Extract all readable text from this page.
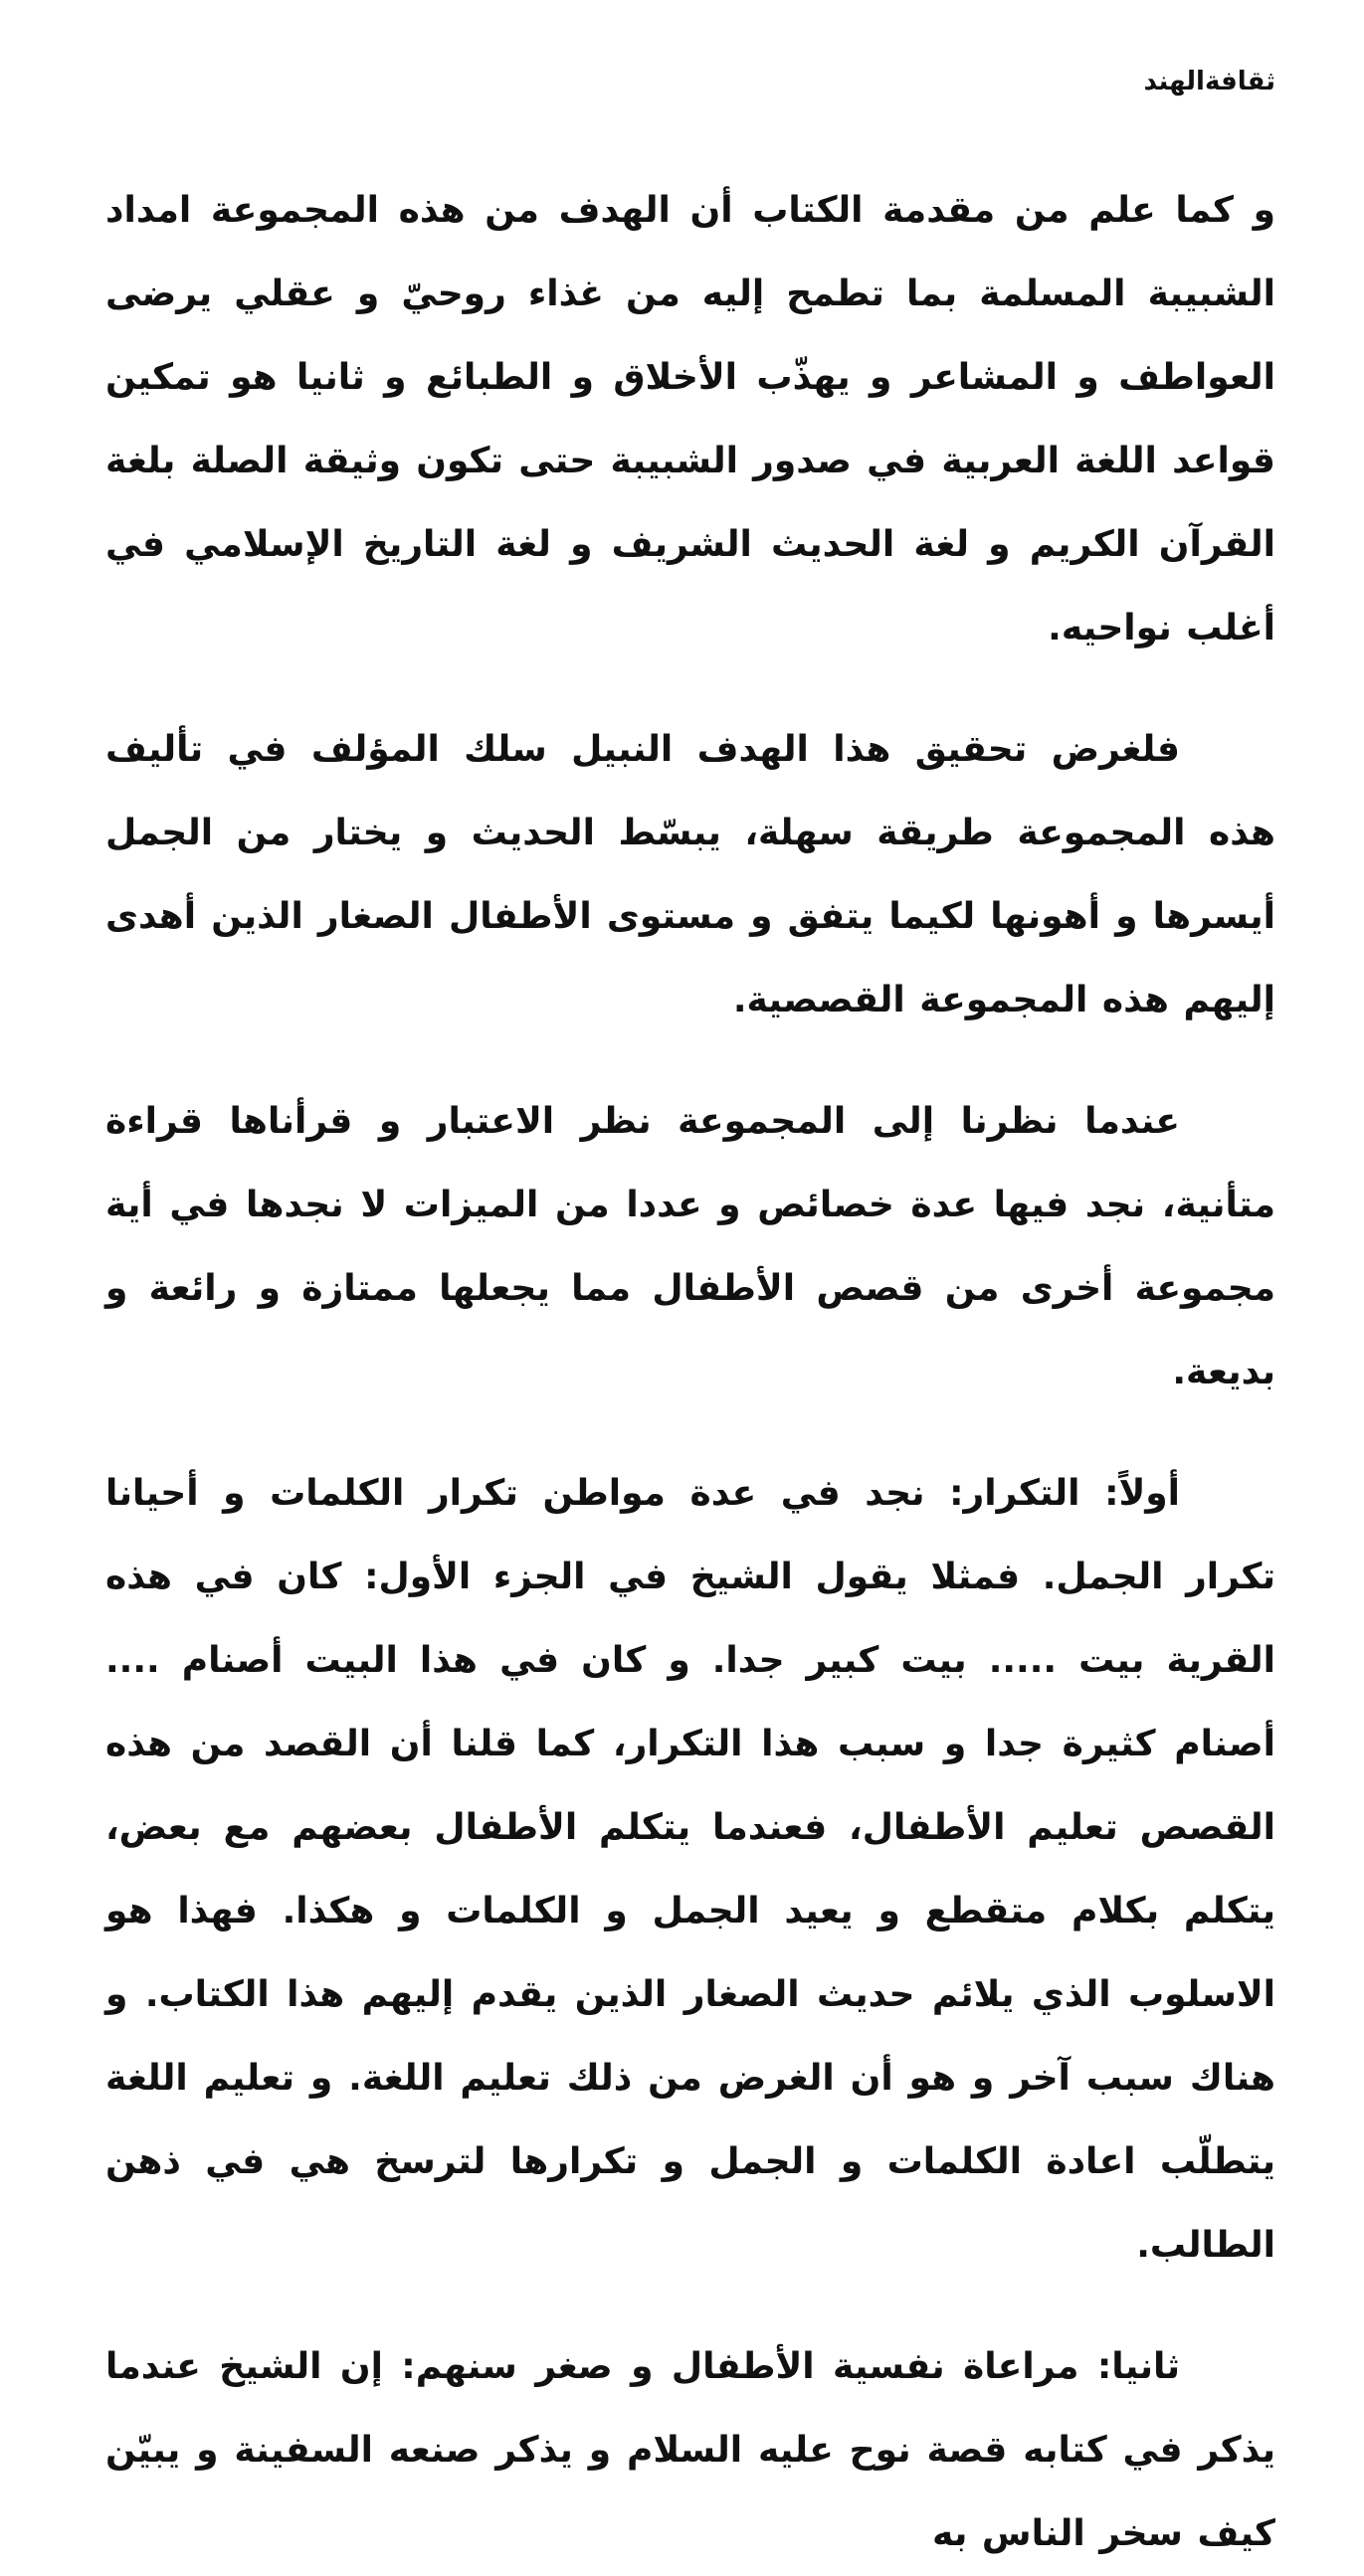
ثقافةالهند

و كما علم من مقدمة الكتاب أن الهدف من هذه المجموعة امداد الشبيبة المسلمة بما تطمح إليه من غذاء روحيّ و عقلي يرضى العواطف و المشاعر و يهذّب الأخلاق و الطبائع و ثانيا هو تمكين قواعد اللغة العربية في صدور الشبيبة حتى تكون وثيقة الصلة بلغة القرآن الكريم و لغة الحديث الشريف و لغة التاريخ الإسلامي في أغلب نواحيه.

فلغرض تحقيق هذا الهدف النبيل سلك المؤلف في تأليف هذه المجموعة طريقة سهلة، يبسّط الحديث و يختار من الجمل أيسرها و أهونها لكيما يتفق و مستوى الأطفال الصغار الذين أهدى إليهم هذه المجموعة القصصية.

عندما نظرنا إلى المجموعة نظر الاعتبار و قرأناها قراءة متأنية، نجد فيها عدة خصائص و عددا من الميزات لا نجدها في أية مجموعة أخرى من قصص الأطفال مما يجعلها ممتازة و رائعة و بديعة.

أولاً: التكرار: نجد في عدة مواطن تكرار الكلمات و أحيانا تكرار الجمل. فمثلا يقول الشيخ في الجزء الأول: كان في هذه القرية بيت ..... بيت كبير جدا. و كان في هذا البيت أصنام .... أصنام كثيرة جدا و سبب هذا التكرار، كما قلنا أن القصد من هذه القصص تعليم الأطفال، فعندما يتكلم الأطفال بعضهم مع بعض، يتكلم بكلام متقطع و يعيد الجمل و الكلمات و هكذا. فهذا هو الاسلوب الذي يلائم حديث الصغار الذين يقدم إليهم هذا الكتاب. و هناك سبب آخر و هو أن الغرض من ذلك تعليم اللغة. و تعليم اللغة يتطلّب اعادة الكلمات و الجمل و تكرارها لترسخ هي في ذهن الطالب.

ثانيا: مراعاة نفسية الأطفال و صغر سنهم: إن الشيخ عندما يذكر في كتابه قصة نوح عليه السلام و يذكر صنعه السفينة و يبيّن كيف سخر الناس به
